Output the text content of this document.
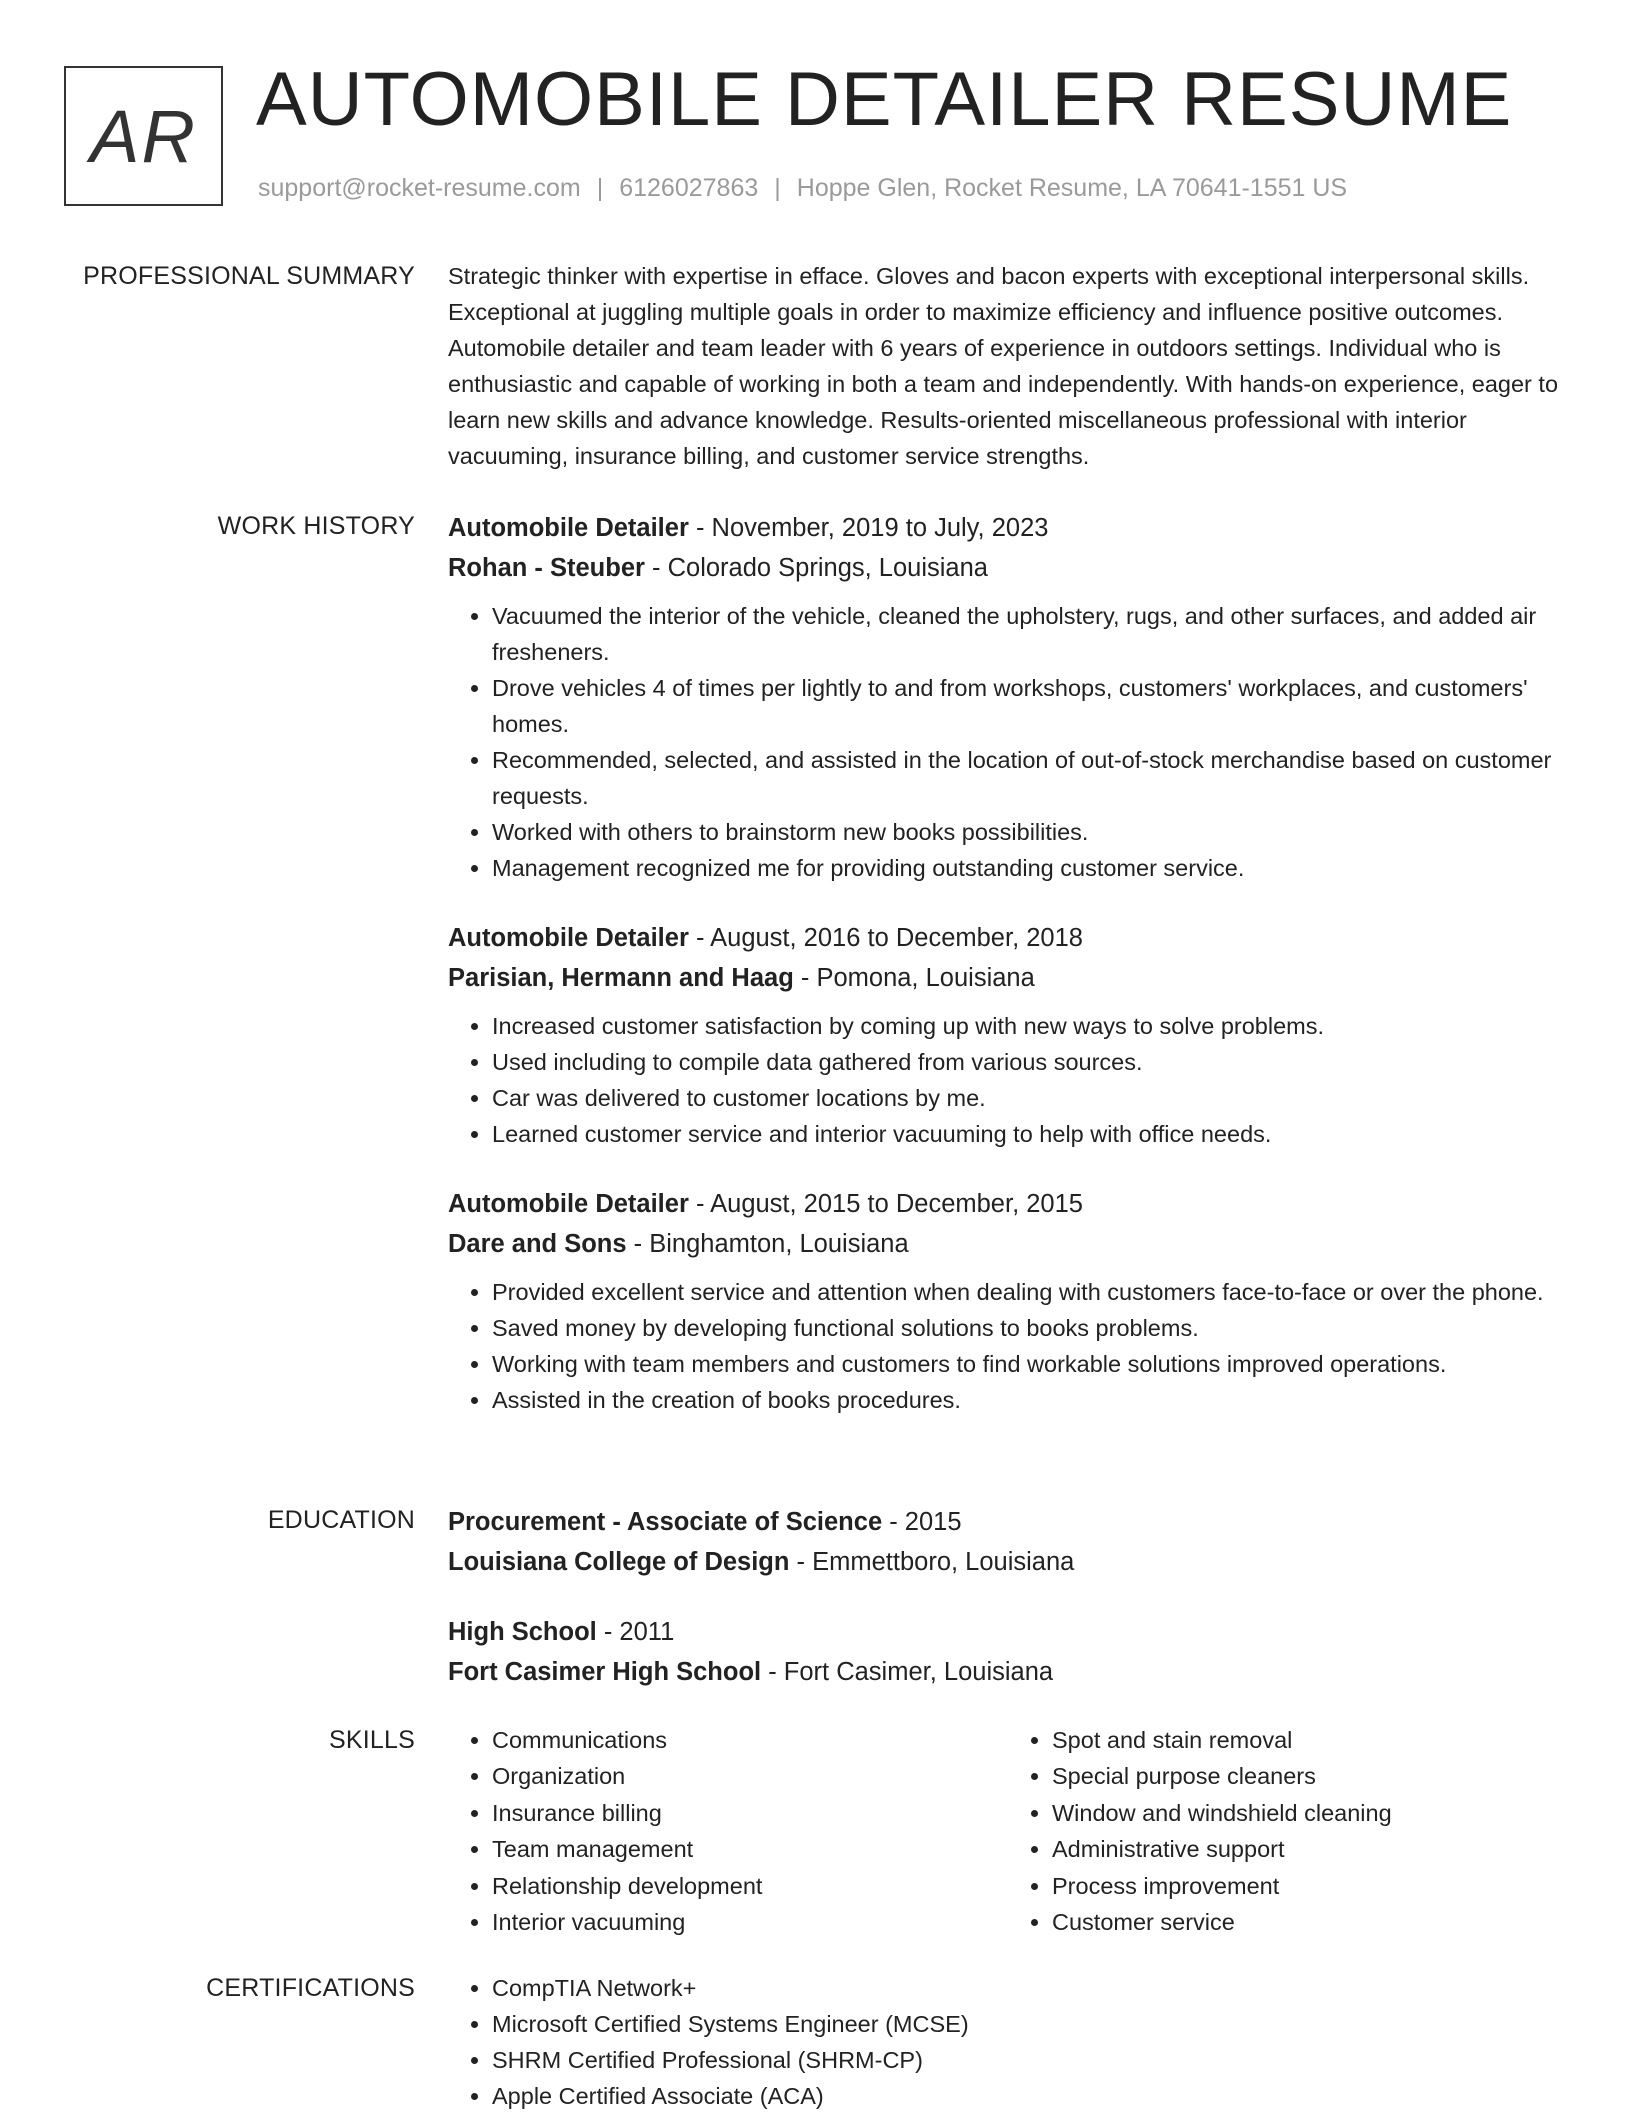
AR AUTOMOBILE DETAILER RESUME
support@rocket-resume.com | 6126027863 | Hoppe Glen, Rocket Resume, LA 70641-1551 US
PROFESSIONAL SUMMARY Strategic thinker with expertise in efface. Gloves and bacon experts with exceptional interpersonal skills. Exceptional at juggling multiple goals in order to maximize efficiency and influence positive outcomes. Automobile detailer and team leader with 6 years of experience in outdoors settings. Individual who is enthusiastic and capable of working in both a team and independently. With hands-on experience, eager to learn new skills and advance knowledge. Results-oriented miscellaneous professional with interior vacuuming, insurance billing, and customer service strengths.

WORK HISTORY Automobile Detailer - November, 2019 to July, 2023
Rohan - Steuber - Colorado Springs, Louisiana
• Vacuumed the interior of the vehicle, cleaned the upholstery, rugs, and other surfaces, and added air fresheners.
• Drove vehicles 4 of times per lightly to and from workshops, customers' workplaces, and customers' homes.
• Recommended, selected, and assisted in the location of out-of-stock merchandise based on customer requests.
• Worked with others to brainstorm new books possibilities.
• Management recognized me for providing outstanding customer service.
Automobile Detailer - August, 2016 to December, 2018
Parisian, Hermann and Haag - Pomona, Louisiana
• Increased customer satisfaction by coming up with new ways to solve problems.
• Used including to compile data gathered from various sources.
• Car was delivered to customer locations by me.
• Learned customer service and interior vacuuming to help with office needs.
Automobile Detailer - August, 2015 to December, 2015
Dare and Sons - Binghamton, Louisiana
• Provided excellent service and attention when dealing with customers face-to-face or over the phone.
• Saved money by developing functional solutions to books problems.
• Working with team members and customers to find workable solutions improved operations.
• Assisted in the creation of books procedures.
EDUCATION Procurement - Associate of Science - 2015
Louisiana College of Design - Emmettboro, Louisiana
High School - 2011
Fort Casimer High School - Fort Casimer, Louisiana
SKILLS	• Communications
• Organization
• Insurance billing
• Team management
• Relationship development
• Interior vacuuming
• Spot and stain removal
• Special purpose cleaners
• Window and windshield cleaning
• Administrative support
• Process improvement
• Customer service
CERTIFICATIONS	• CompTIA Network+
• Microsoft Certified Systems Engineer (MCSE)
• SHRM Certified Professional (SHRM-CP)
• Apple Certified Associate (ACA)
